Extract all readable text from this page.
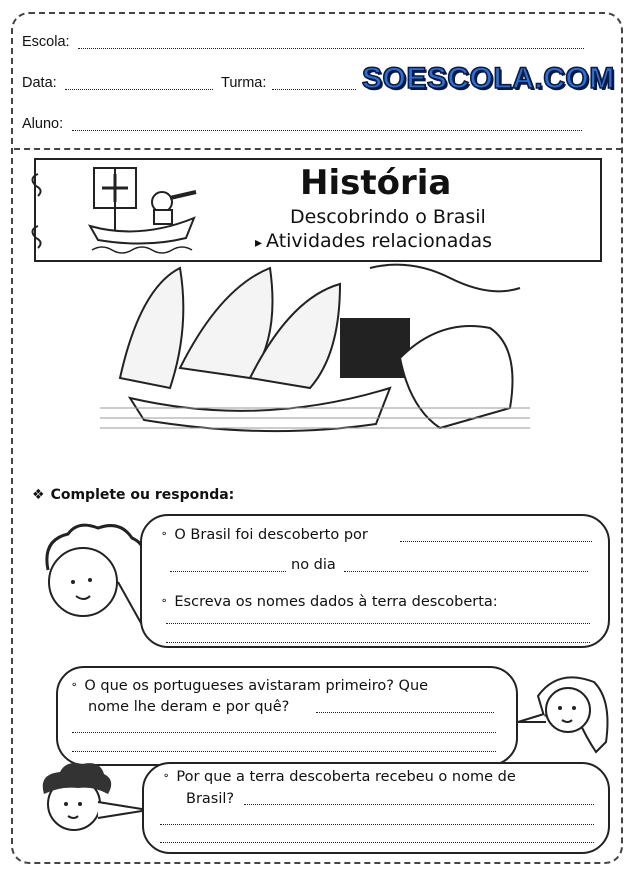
Escola:
Data:	Turma:	SOESCOLA.COM
Aluno:
História
Descobrindo o Brasil
▸ Atividades relacionadas
❖ Complete ou responda:
⚬ O Brasil foi descoberto por
no dia
⚬ Escreva os nomes dados à terra descoberta:
⚬ O que os portugueses avistaram primeiro? Que
nome lhe deram e por quê?
⚬ Por que a terra descoberta recebeu o nome de
Brasil?
